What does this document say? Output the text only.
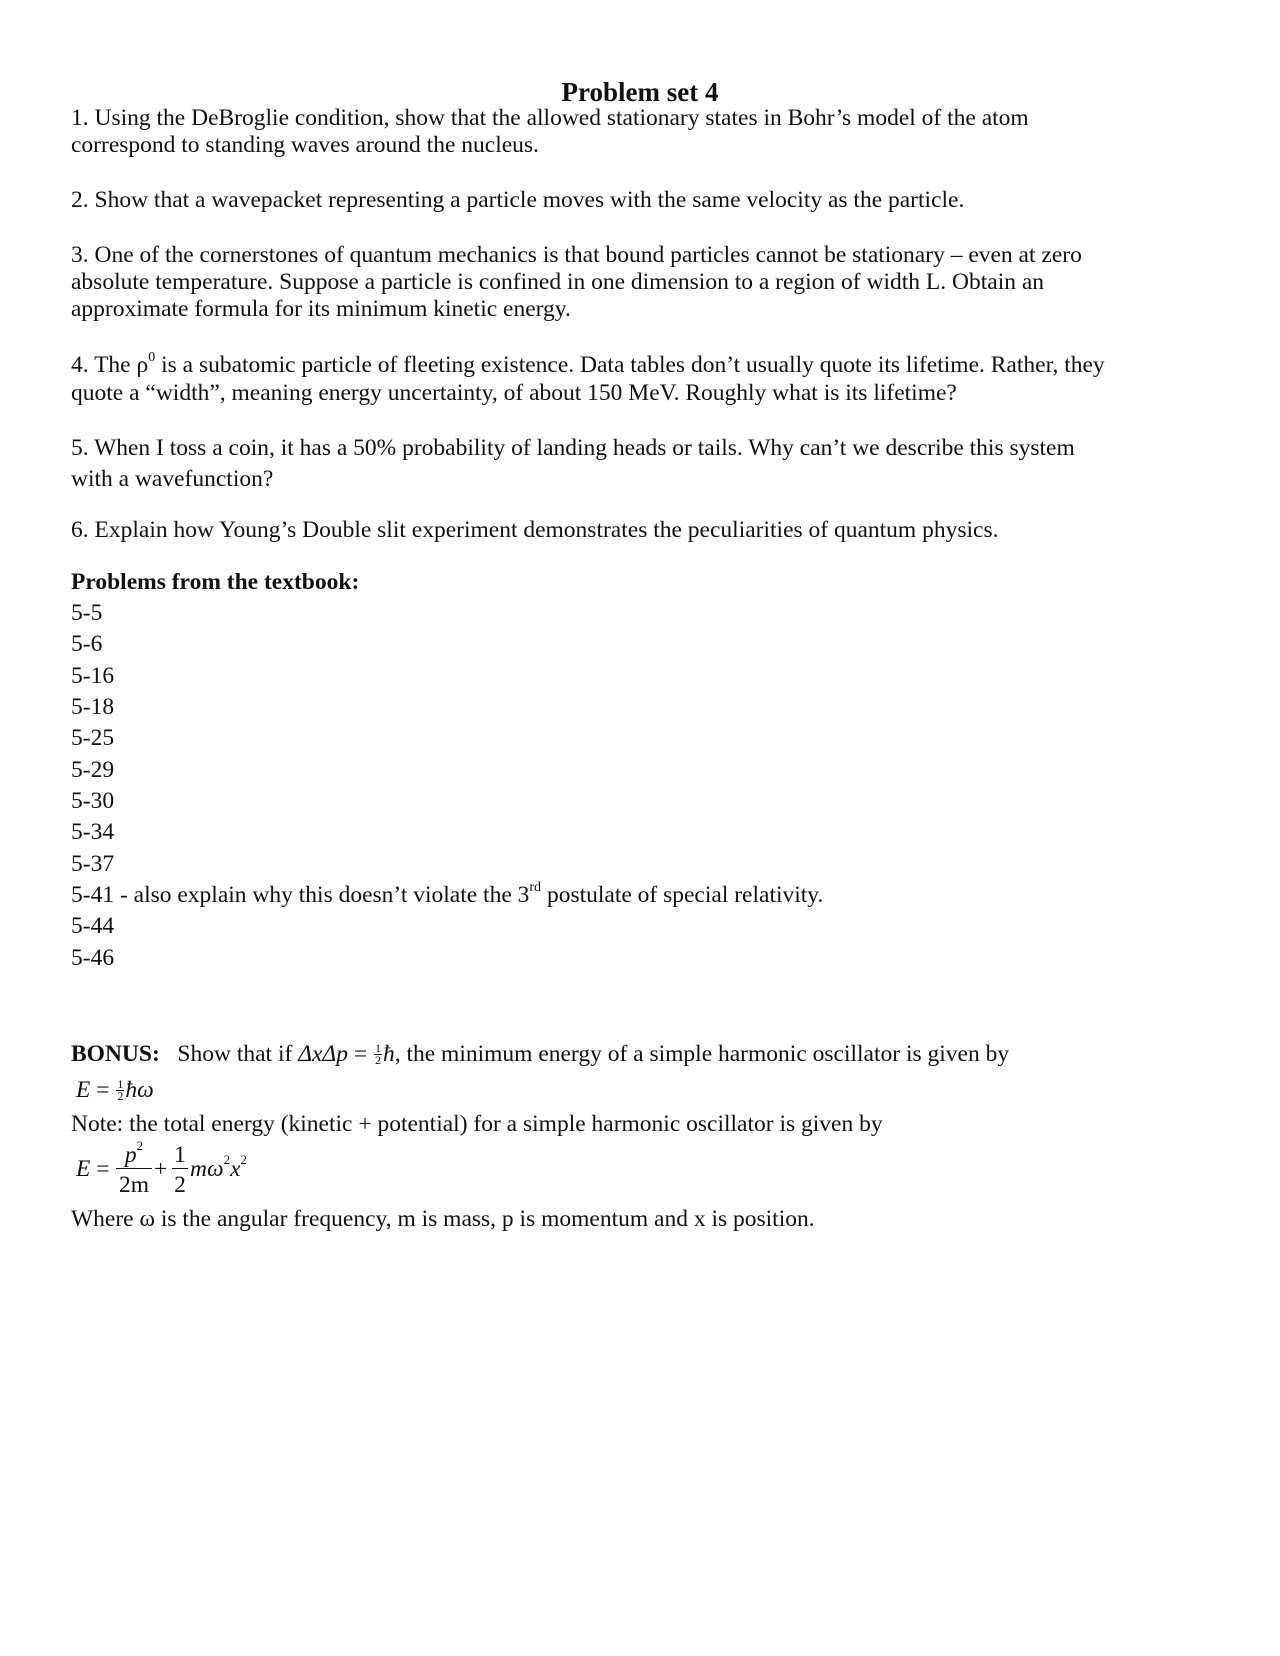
Problem set 4
1. Using the DeBroglie condition, show that the allowed stationary states in Bohr’s model of the atom
correspond to standing waves around the nucleus.
2. Show that a wavepacket representing a particle moves with the same velocity as the particle.
3. One of the cornerstones of quantum mechanics is that bound particles cannot be stationary – even at zero
absolute temperature. Suppose a particle is confined in one dimension to a region of width L. Obtain an
approximate formula for its minimum kinetic energy.
4. The $\rho^0$ is a subatomic particle of fleeting existence. Data tables don’t usually quote its lifetime. Rather, they
quote a “width”, meaning energy uncertainty, of about 150 MeV. Roughly what is its lifetime?
5. When I toss a coin, it has a 50% probability of landing heads or tails. Why can’t we describe this system
with a wavefunction?
6. Explain how Young’s Double slit experiment demonstrates the peculiarities of quantum physics.
Problems from the textbook:
5-5
5-6
5-16
5-18
5-25
5-29
5-30
5-34
5-37
5-41 - also explain why this doesn’t violate the 3rd postulate of special relativity.
5-44
5-46
BONUS: Show that if $\Delta x\Delta p = \frac{1}{2}$ ħ, the minimum energy of a simple harmonic oscillator is given by
$E = \frac{1}{2}$ ħω
Note: the total energy (kinetic + potential) for a simple harmonic oscillator is given by
E =
$p^2$
2m
+
1
2
$m\omega^2x^2$
Where ω is the angular frequency, m is mass, p is momentum and x is position.
